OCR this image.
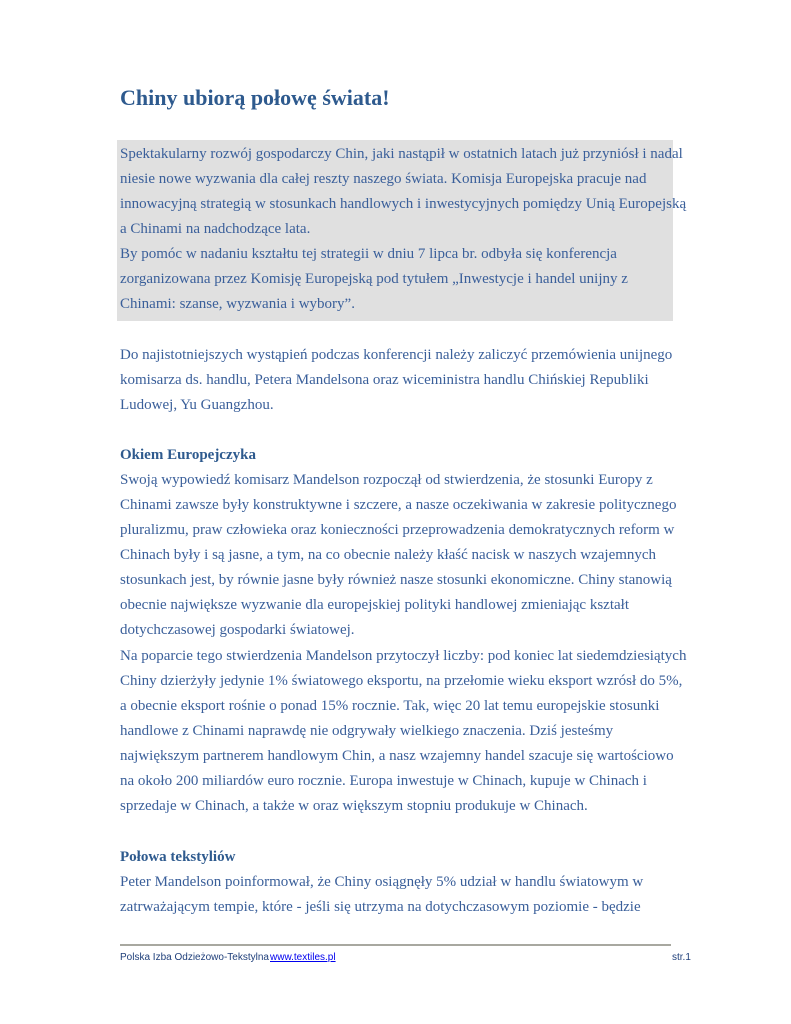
Chiny ubiorą połowę świata!

Spektakularny rozwój gospodarczy Chin, jaki nastąpił w ostatnich latach już przyniósł i nadal

niesie nowe wyzwania dla całej reszty naszego świata. Komisja Europejska pracuje nad

innowacyjną strategią w stosunkach handlowych i inwestycyjnych pomiędzy Unią Europejską

a Chinami na nadchodzące lata.

By pomóc w nadaniu kształtu tej strategii w dniu 7 lipca br. odbyła się konferencja

zorganizowana przez Komisję Europejską pod tytułem „Inwestycje i handel unijny z

Chinami: szanse, wyzwania i wybory”.

Do najistotniejszych wystąpień podczas konferencji należy zaliczyć przemówienia unijnego

komisarza ds. handlu, Petera Mandelsona oraz wiceministra handlu Chińskiej Republiki

Ludowej, Yu Guangzhou.

Okiem Europejczyka

Swoją wypowiedź komisarz Mandelson rozpoczął od stwierdzenia, że stosunki Europy z

Chinami zawsze były konstruktywne i szczere, a nasze oczekiwania w zakresie politycznego

pluralizmu, praw człowieka oraz konieczności przeprowadzenia demokratycznych reform w

Chinach były i są jasne, a tym, na co obecnie należy kłaść nacisk w naszych wzajemnych

stosunkach jest, by równie jasne były również nasze stosunki ekonomiczne. Chiny stanowią

obecnie największe wyzwanie dla europejskiej polityki handlowej zmieniając kształt

dotychczasowej gospodarki światowej.

Na poparcie tego stwierdzenia Mandelson przytoczył liczby: pod koniec lat siedemdziesiątych

Chiny dzierżyły jedynie 1% światowego eksportu, na przełomie wieku eksport wzrósł do 5%,

a obecnie eksport rośnie o ponad 15% rocznie. Tak, więc 20 lat temu europejskie stosunki

handlowe z Chinami naprawdę nie odgrywały wielkiego znaczenia. Dziś jesteśmy

największym partnerem handlowym Chin, a nasz wzajemny handel szacuje się wartościowo

na około 200 miliardów euro rocznie. Europa inwestuje w Chinach, kupuje w Chinach i

sprzedaje w Chinach, a także w oraz większym stopniu produkuje w Chinach.

Połowa tekstyliów

Peter Mandelson poinformował, że Chiny osiągnęły 5% udział w handlu światowym w

zatrważającym tempie, które - jeśli się utrzyma na dotychczasowym poziomie - będzie

Polska Izba Odzieżowo-Tekstylna www.textiles.pl	str.1
